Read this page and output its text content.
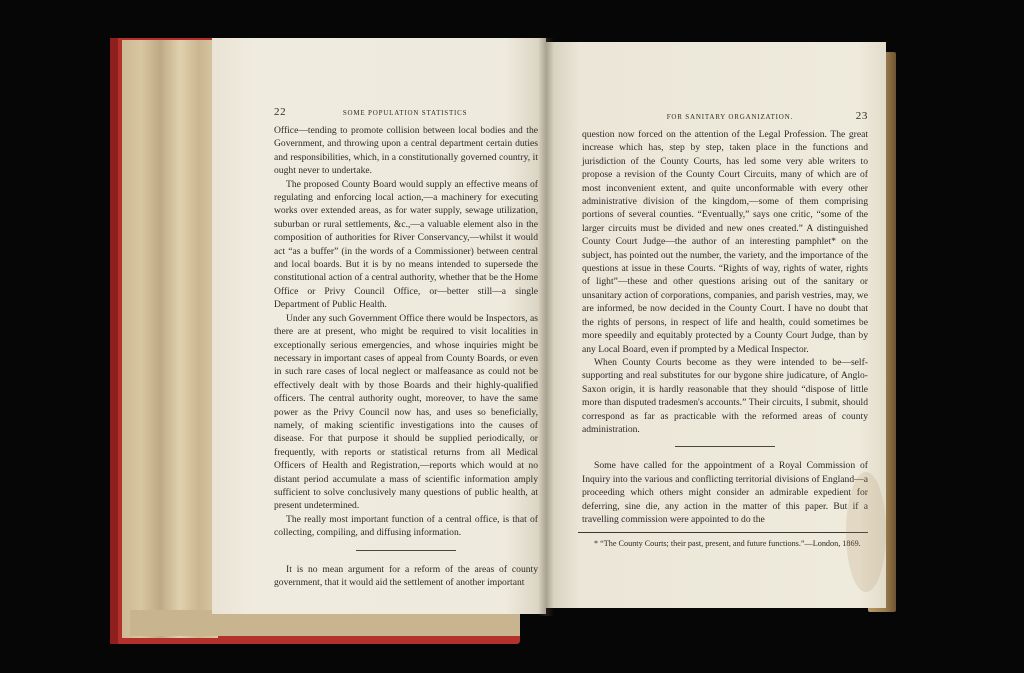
22	SOME POPULATION STATISTICS

Office—tending to promote collision between local bodies and the Government, and throwing upon a central department certain duties and responsibilities, which, in a constitutionally governed country, it ought never to undertake.

The proposed County Board would supply an effective means of regulating and enforcing local action,—a machinery for executing works over extended areas, as for water supply, sewage utilization, suburban or rural settlements, &c.,—a valuable element also in the composition of authorities for River Conservancy,—whilst it would act “as a buffer” (in the words of a Commissioner) between central and local boards. But it is by no means intended to supersede the constitutional action of a central authority, whether that be the Home Office or Privy Council Office, or—better still—a single Department of Public Health.

Under any such Government Office there would be Inspectors, as there are at present, who might be required to visit localities in exceptionally serious emergencies, and whose inquiries might be necessary in important cases of appeal from County Boards, or even in such rare cases of local neglect or malfeasance as could not be effectively dealt with by those Boards and their highly-qualified officers. The central authority ought, moreover, to have the same power as the Privy Council now has, and uses so beneficially, namely, of making scientific investigations into the causes of disease. For that purpose it should be supplied periodically, or frequently, with reports or statistical returns from all Medical Officers of Health and Registration,—reports which would at no distant period accumulate a mass of scientific information amply sufficient to solve conclusively many questions of public health, at present undetermined.

The really most important function of a central office, is that of collecting, compiling, and diffusing information.

It is no mean argument for a reform of the areas of county government, that it would aid the settlement of another important

FOR SANITARY ORGANIZATION.	23

question now forced on the attention of the Legal Profession. The great increase which has, step by step, taken place in the functions and jurisdiction of the County Courts, has led some very able writers to propose a revision of the County Court Circuits, many of which are of most inconvenient extent, and quite unconformable with every other administrative division of the kingdom,—some of them comprising portions of several counties. “Eventually,” says one critic, “some of the larger circuits must be divided and new ones created.” A distinguished County Court Judge—the author of an interesting pamphlet* on the subject, has pointed out the number, the variety, and the importance of the questions at issue in these Courts. “Rights of way, rights of water, rights of light”—these and other questions arising out of the sanitary or unsanitary action of corporations, companies, and parish vestries, may, we are informed, be now decided in the County Court. I have no doubt that the rights of persons, in respect of life and health, could sometimes be more speedily and equitably protected by a County Court Judge, than by any Local Board, even if prompted by a Medical Inspector.

When County Courts become as they were intended to be—self-supporting and real substitutes for our bygone shire judicature, of Anglo-Saxon origin, it is hardly reasonable that they should “dispose of little more than disputed tradesmen's accounts.” Their circuits, I submit, should correspond as far as practicable with the reformed areas of county administration.

Some have called for the appointment of a Royal Commission of Inquiry into the various and conflicting territorial divisions of England—a proceeding which others might consider an admirable expedient for deferring, sine die, any action in the matter of this paper. But if a travelling commission were appointed to do the

* “The County Courts; their past, present, and future functions.”—London, 1869.
